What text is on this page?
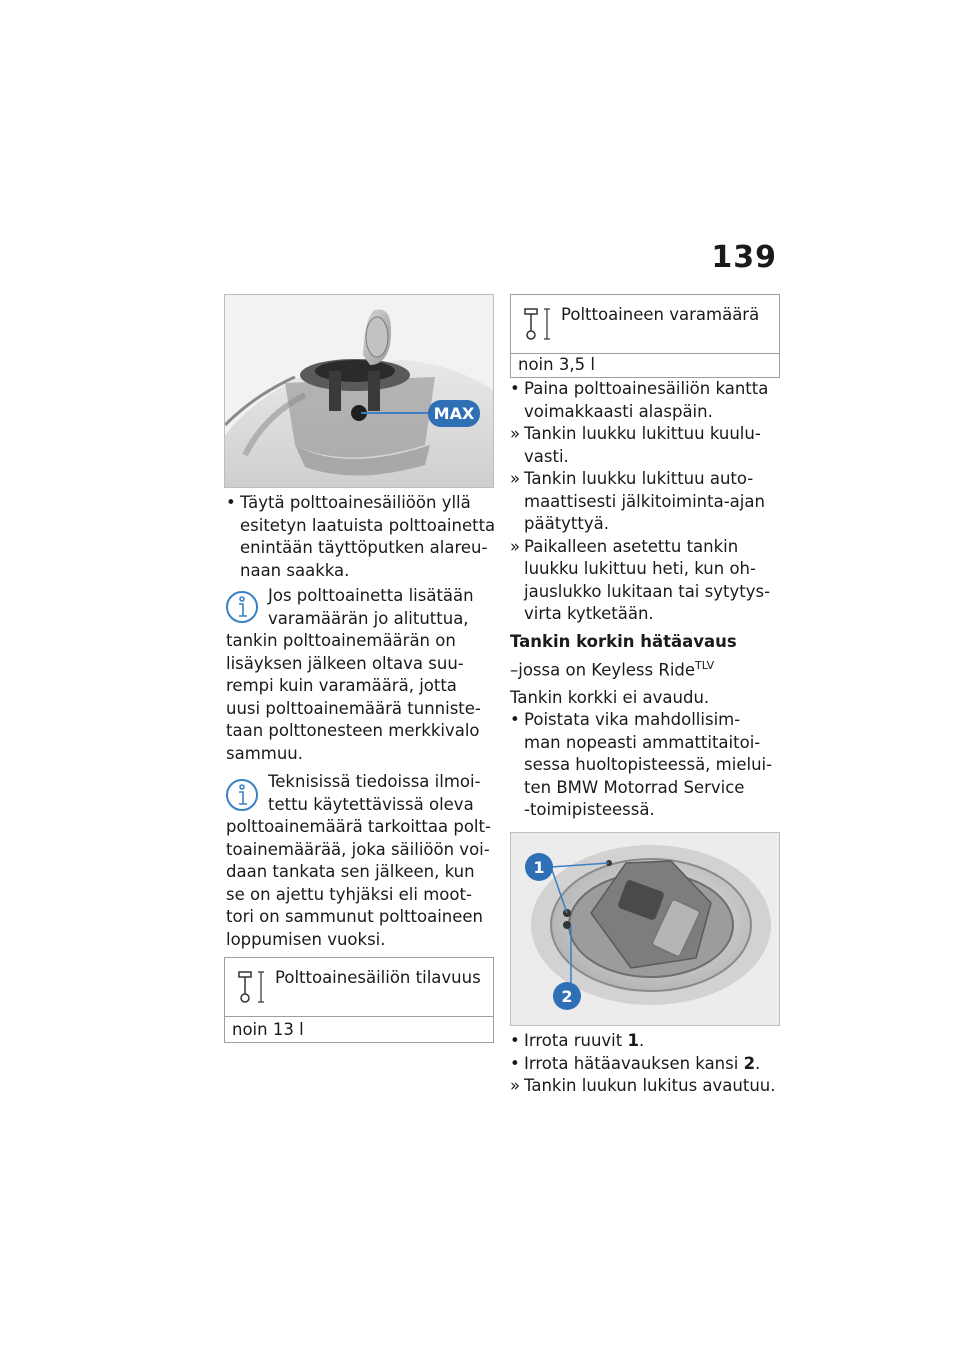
139
MAX
• Täytä polttoainesäiliöön yllä
esitetyn laatuista polttoainetta
enintään täyttöputken alareu-
naan saakka.
Jos polttoainetta lisätään
varamäärän jo alituttua,
tankin polttoainemäärän on
lisäyksen jälkeen oltava suu-
rempi kuin varamäärä, jotta
uusi polttoainemäärä tunniste-
taan polttonesteen merkkivalo
sammuu.
Teknisissä tiedoissa ilmoi-
tettu käytettävissä oleva
polttoainemäärä tarkoittaa polt-
toainemäärää, joka säiliöön voi-
daan tankata sen jälkeen, kun
se on ajettu tyhjäksi eli moot-
tori on sammunut polttoaineen
loppumisen vuoksi.
Polttoainesäiliön tilavuus
noin 13 l
Polttoaineen varamäärä
noin 3,5 l
• Paina polttoainesäiliön kantta
voimakkaasti alaspäin.
» Tankin luukku lukittuu kuulu-
vasti.
» Tankin luukku lukittuu auto-
maattisesti jälkitoiminta-ajan
päätyttyä.
» Paikalleen asetettu tankin
luukku lukittuu heti, kun oh-
jauslukko lukitaan tai sytytys-
virta kytketään.
Tankin korkin hätäavaus
–jossa on Keyless Ride$^{TLV}$
Tankin korkki ei avaudu.
• Poistata vika mahdollisim-
man nopeasti ammattitaitoi-
sessa huoltopisteessä, mielui-
ten BMW Motorrad Service
-toimipisteessä.
1
2
• Irrota ruuvit 1.
• Irrota hätäavauksen kansi 2.
» Tankin luukun lukitus avautuu.
